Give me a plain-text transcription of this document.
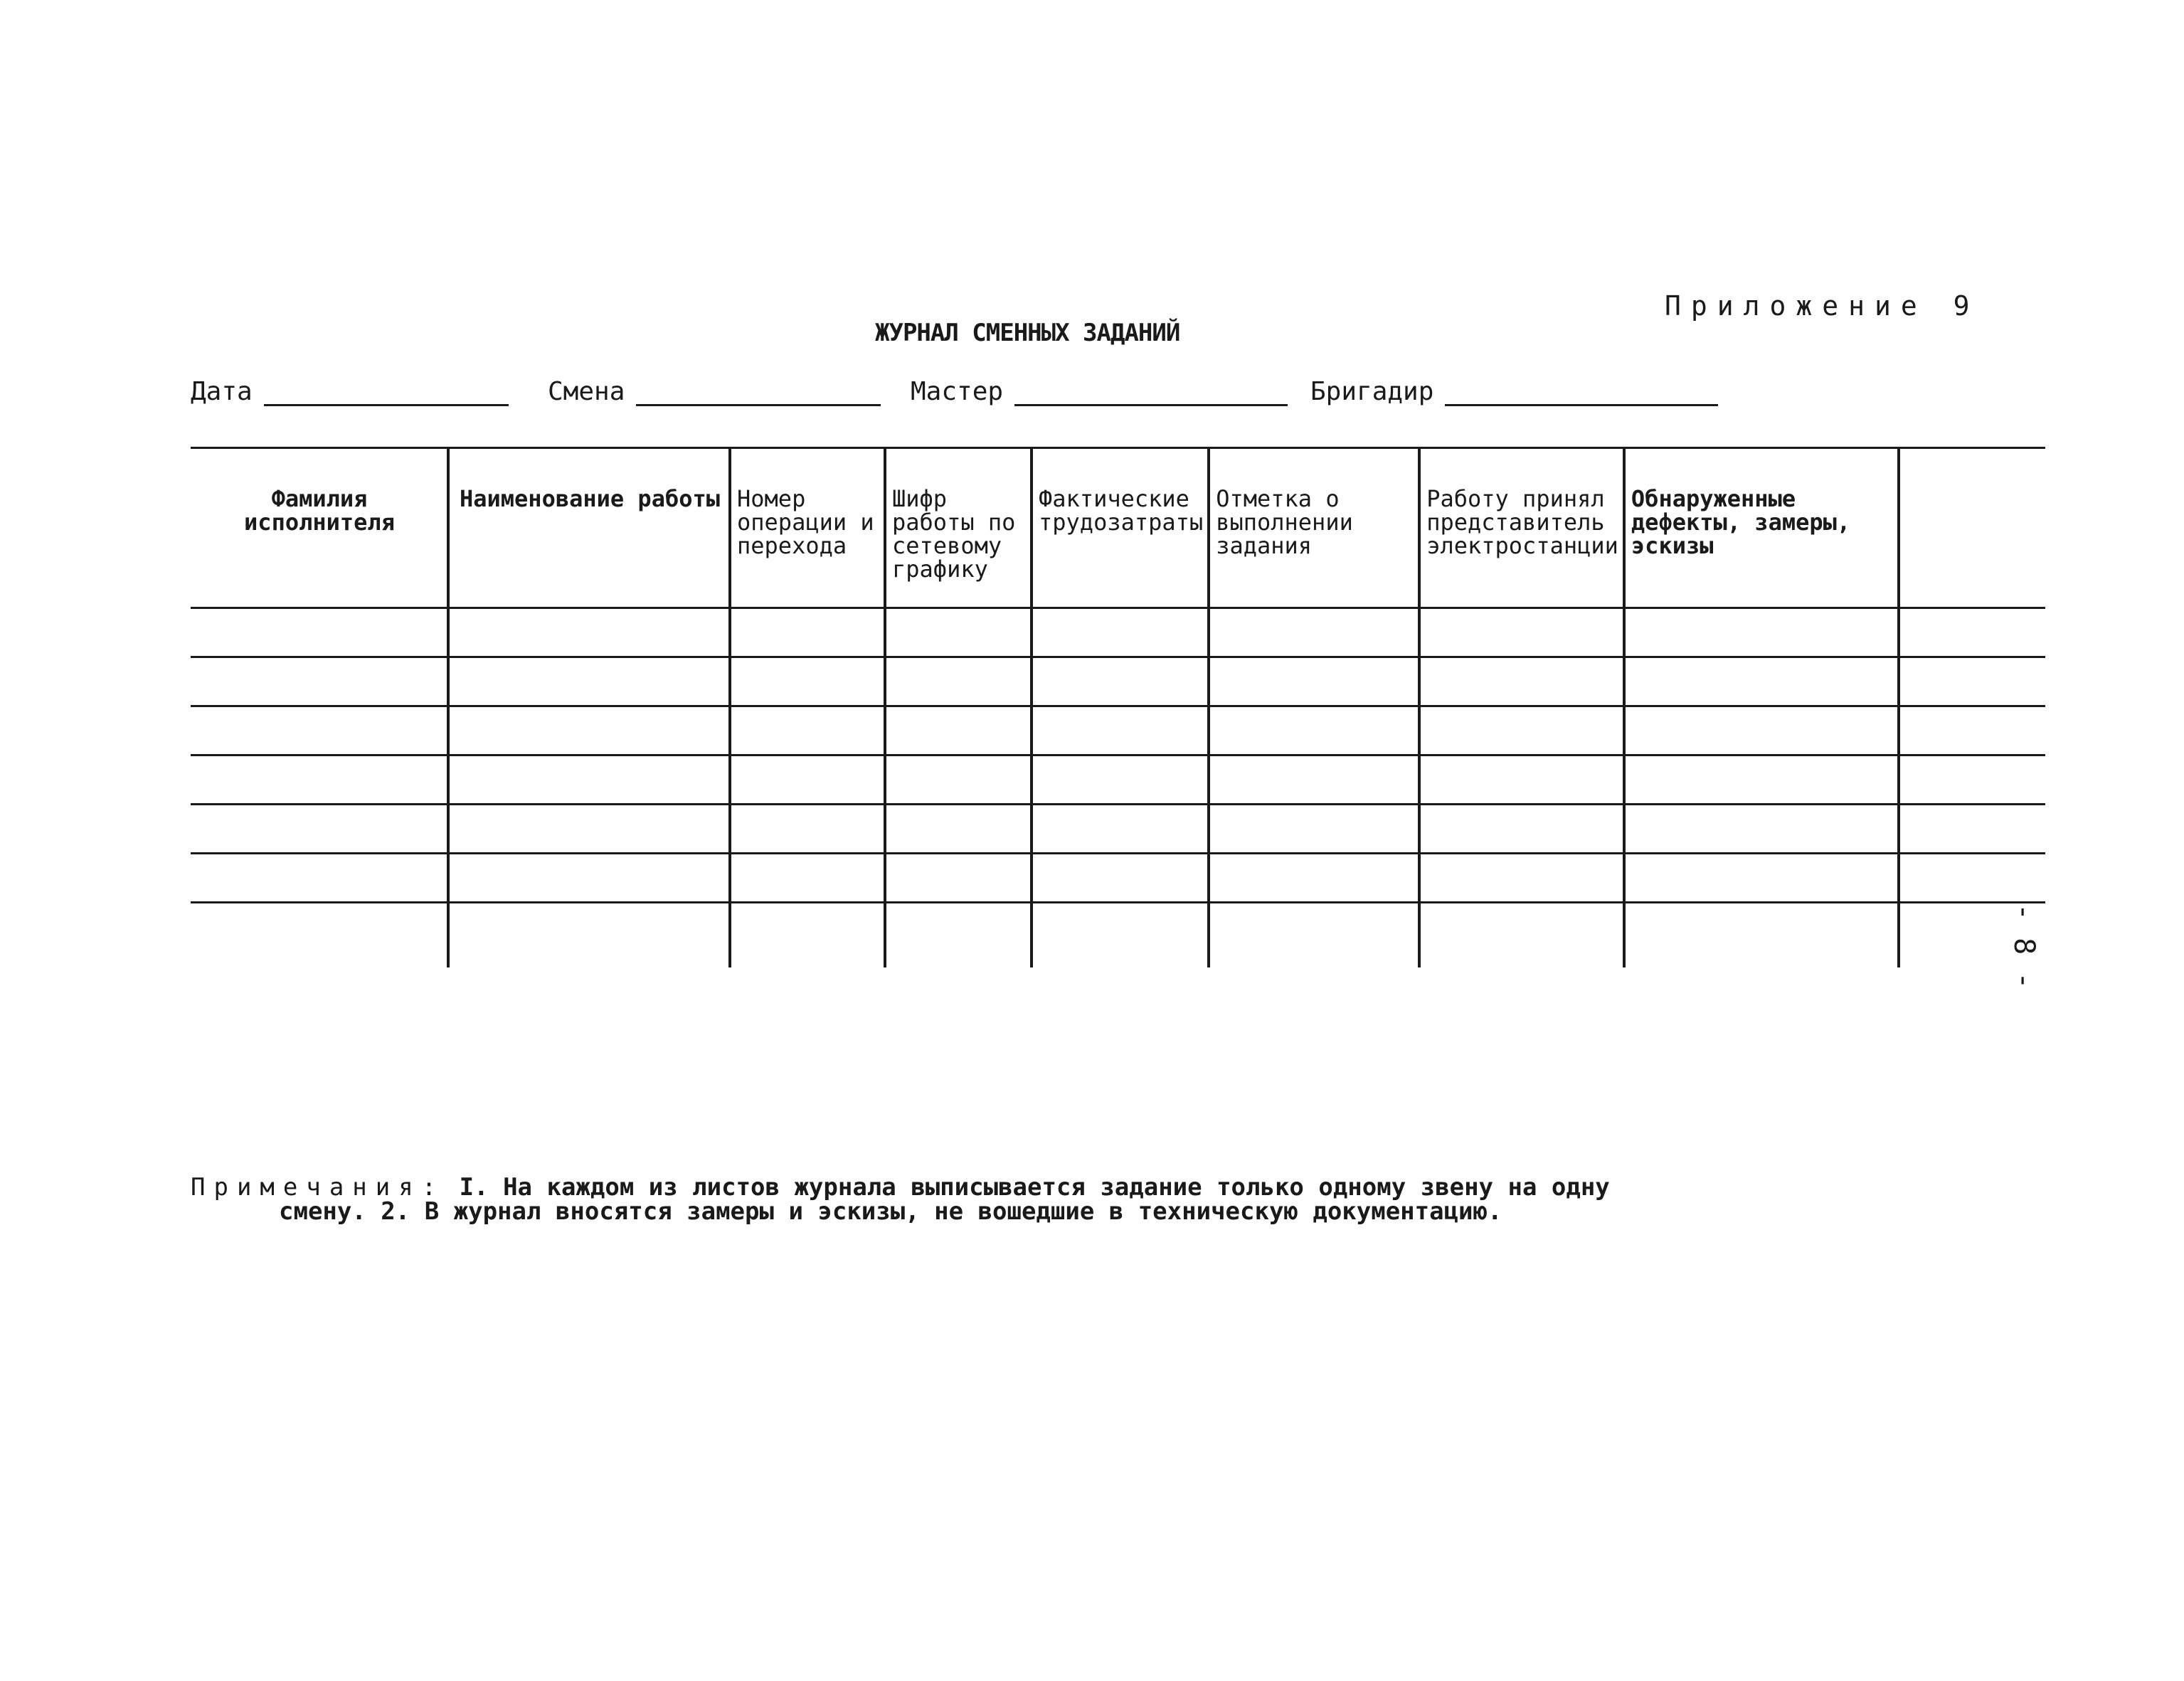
Приложение 9
ЖУРНАЛ СМЕННЫХ ЗАДАНИЙ
Дата	Смена	Мастер	Бригадир
Фамилия исполнителя	Наименование работы	Номер операции и перехода	Шифр работы по сетевому графику	Фактические трудозатраты	Отметка о выполнении задания	Работу принял представитель электростанции	Обнаруженные дефекты, замеры, эскизы	

- 8 -
Примечания: I. На каждом из листов журнала выписывается задание только одному звену на одну
смену. 2. В журнал вносятся замеры и эскизы, не вошедшие в техническую документацию.
